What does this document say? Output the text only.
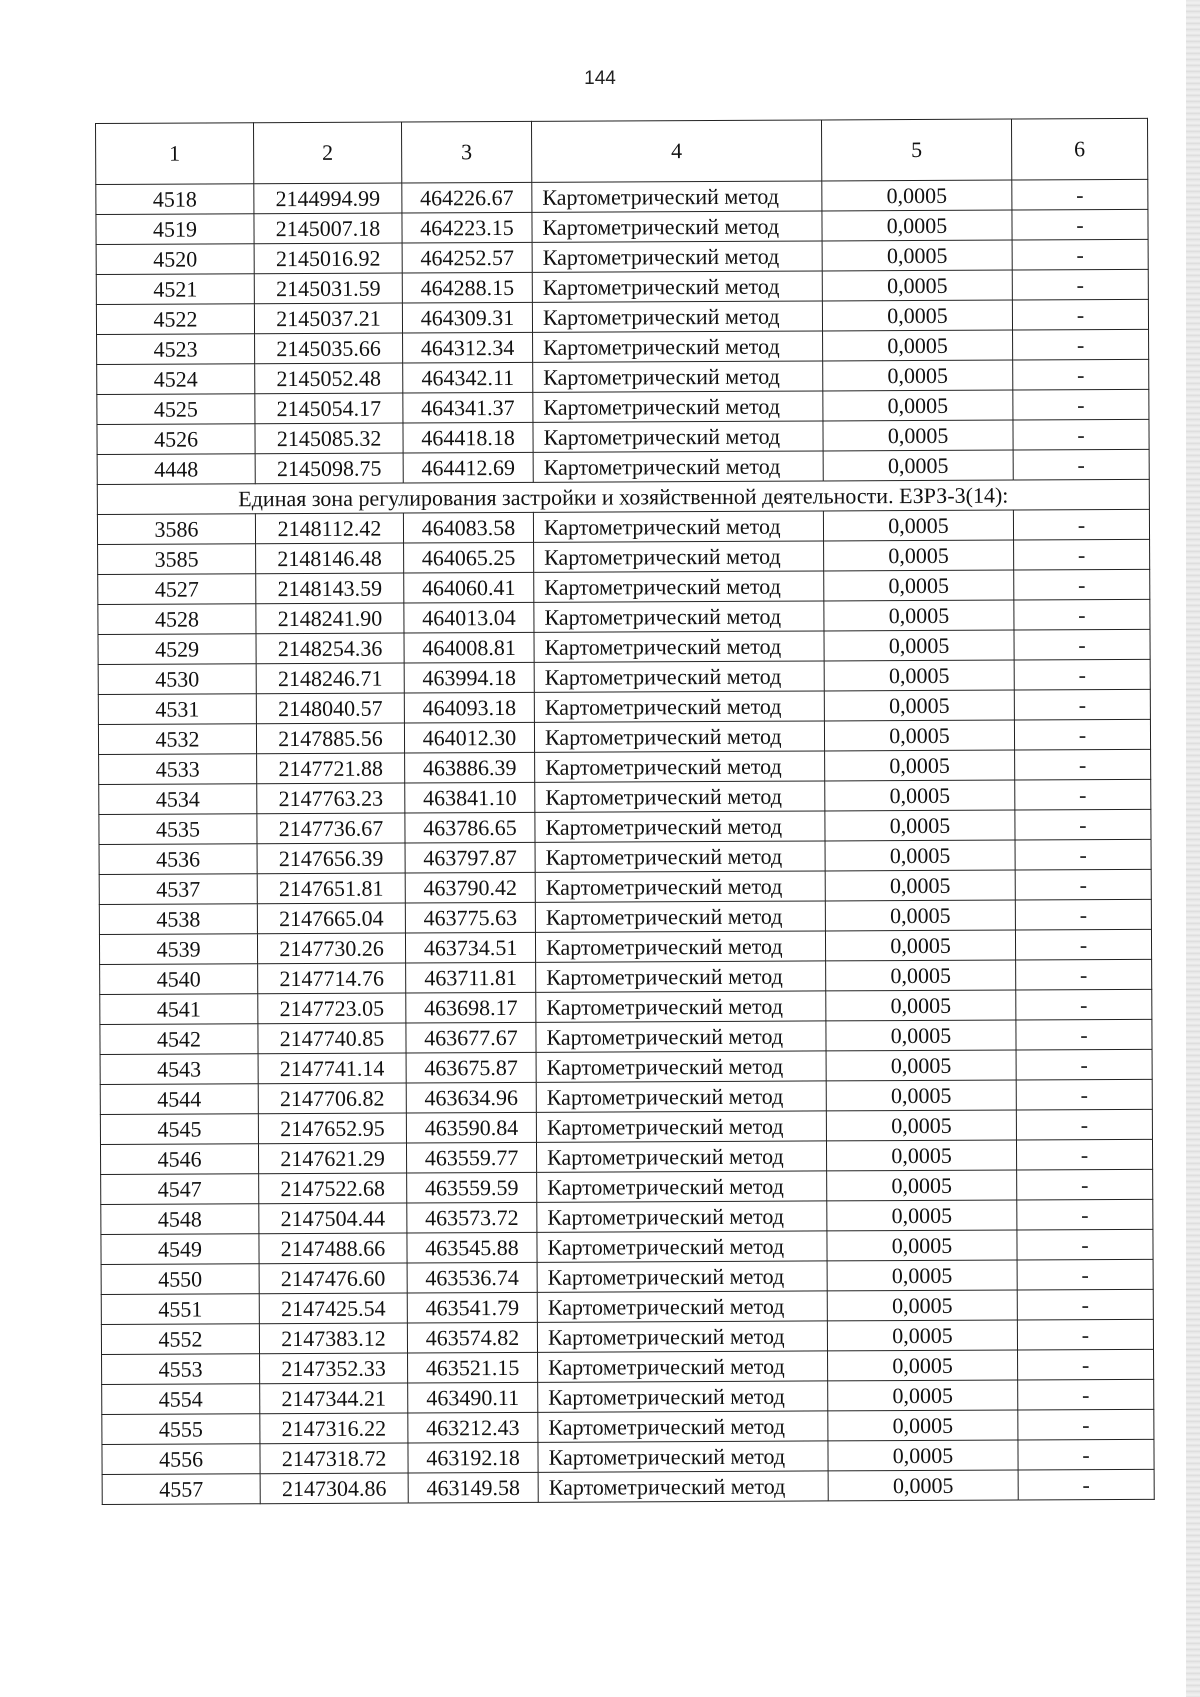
144
1	2	3	4	5	6
4518	2144994.99	464226.67	Картометрический метод	0,0005	-
4519	2145007.18	464223.15	Картометрический метод	0,0005	-
4520	2145016.92	464252.57	Картометрический метод	0,0005	-
4521	2145031.59	464288.15	Картометрический метод	0,0005	-
4522	2145037.21	464309.31	Картометрический метод	0,0005	-
4523	2145035.66	464312.34	Картометрический метод	0,0005	-
4524	2145052.48	464342.11	Картометрический метод	0,0005	-
4525	2145054.17	464341.37	Картометрический метод	0,0005	-
4526	2145085.32	464418.18	Картометрический метод	0,0005	-
4448	2145098.75	464412.69	Картометрический метод	0,0005	-
Единая зона регулирования застройки и хозяйственной деятельности. ЕЗРЗ-3(14):					
3586	2148112.42	464083.58	Картометрический метод	0,0005	-
3585	2148146.48	464065.25	Картометрический метод	0,0005	-
4527	2148143.59	464060.41	Картометрический метод	0,0005	-
4528	2148241.90	464013.04	Картометрический метод	0,0005	-
4529	2148254.36	464008.81	Картометрический метод	0,0005	-
4530	2148246.71	463994.18	Картометрический метод	0,0005	-
4531	2148040.57	464093.18	Картометрический метод	0,0005	-
4532	2147885.56	464012.30	Картометрический метод	0,0005	-
4533	2147721.88	463886.39	Картометрический метод	0,0005	-
4534	2147763.23	463841.10	Картометрический метод	0,0005	-
4535	2147736.67	463786.65	Картометрический метод	0,0005	-
4536	2147656.39	463797.87	Картометрический метод	0,0005	-
4537	2147651.81	463790.42	Картометрический метод	0,0005	-
4538	2147665.04	463775.63	Картометрический метод	0,0005	-
4539	2147730.26	463734.51	Картометрический метод	0,0005	-
4540	2147714.76	463711.81	Картометрический метод	0,0005	-
4541	2147723.05	463698.17	Картометрический метод	0,0005	-
4542	2147740.85	463677.67	Картометрический метод	0,0005	-
4543	2147741.14	463675.87	Картометрический метод	0,0005	-
4544	2147706.82	463634.96	Картометрический метод	0,0005	-
4545	2147652.95	463590.84	Картометрический метод	0,0005	-
4546	2147621.29	463559.77	Картометрический метод	0,0005	-
4547	2147522.68	463559.59	Картометрический метод	0,0005	-
4548	2147504.44	463573.72	Картометрический метод	0,0005	-
4549	2147488.66	463545.88	Картометрический метод	0,0005	-
4550	2147476.60	463536.74	Картометрический метод	0,0005	-
4551	2147425.54	463541.79	Картометрический метод	0,0005	-
4552	2147383.12	463574.82	Картометрический метод	0,0005	-
4553	2147352.33	463521.15	Картометрический метод	0,0005	-
4554	2147344.21	463490.11	Картометрический метод	0,0005	-
4555	2147316.22	463212.43	Картометрический метод	0,0005	-
4556	2147318.72	463192.18	Картометрический метод	0,0005	-
4557	2147304.86	463149.58	Картометрический метод	0,0005	-
